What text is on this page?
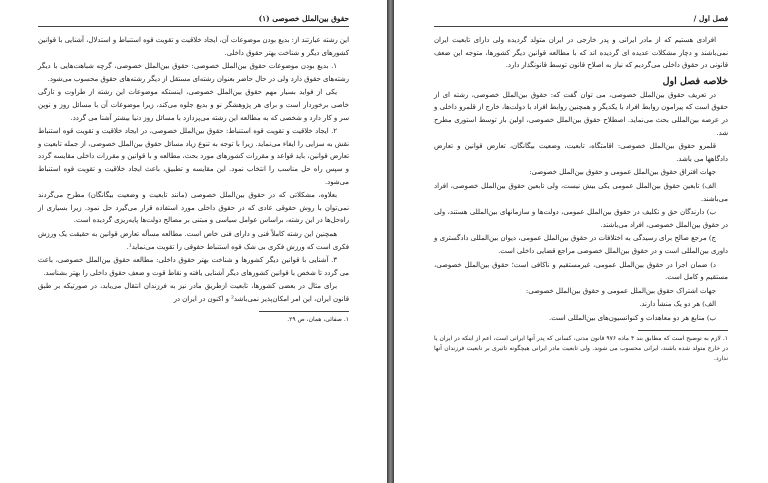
حقوق بین‌الملل خصوصی (۱)

این رشته عبارتند از: بدیع بودن موضوعات آن، ایجاد خلاقیت و تقویت قوه استنباط و استدلال، آشنایی با قوانین کشورهای دیگر و شناخت بهتر حقوق داخلی.

۱. بدیع بودن موضوعات حقوق بین‌الملل خصوصی: حقوق بین‌الملل خصوصی، گرچه شباهت‌هایی با دیگر رشته‌های حقوق دارد ولی در حال حاضر بعنوان رشته‌ای مستقل از دیگر رشته‌های حقوق محسوب می‌شود.

یکی از فواید بسیار مهم حقوق بین‌الملل خصوصی، اینستکه موضوعات این رشته از طراوت و تازگی خاصی برخوردار است و برای هر پژوهشگر نو و بدیع جلوه می‌کند، زیرا موضوعات آن با مسائل روز و نوین سر و کار دارد و شخصی که به مطالعه این رشته می‌پردازد با مسائل روز دنیا بیشتر آشنا می گردد.

۲. ایجاد خلاقیت و تقویت قوه استنباط: حقوق بین‌الملل خصوصی، در ایجاد خلاقیت و تقویت قوه استنباط نقش به سزایی را ایفاء می‌نماید. زیرا با توجه به تنوع زیاد مسائل حقوق بین‌الملل خصوصی، از جمله تابعیت و تعارض قوانین، باید قواعد و مقررات کشورهای مورد بحث، مطالعه و با قوانین و مقررات داخلی مقایسه گردد و سپس راه حل مناسب را انتخاب نمود. این مقایسه و تطبیق، باعث ایجاد خلاقیت و تقویت قوه استنباط می‌شود.

بعلاوه، مشکلاتی که در حقوق بین‌الملل خصوصی (مانند تابعیت و وضعیت بیگانگان) مطرح می‌گردند نمی‌توان با روش حقوقی عادی که در حقوق داخلی مورد استفاده قرار می‌گیرد حل نمود. زیرا بسیاری از راه‌حل‌ها در این رشته، براساس عوامل سیاسی و مبتنی بر مصالح دولت‌ها پایه‌ریزی گردیده است.

همچنین این رشته کاملاً فنی و دارای فنی خاص است. مطالعه مسأله تعارض قوانین به حقیقت یک ورزش فکری است که ورزش فکری بی شک قوه استنباط حقوقی را تقویت می‌نماید¹.

۳. آشنایی با قوانین دیگر کشورها و شناخت بهتر حقوق داخلی: مطالعه حقوق بین‌الملل خصوصی، باعث می گردد تا شخص با قوانین کشورهای دیگر آشنایی یافته و نقاط قوت و ضعف حقوق داخلی را بهتر بشناسد.

برای مثال در بعضی کشورها، تابعیت ازطریق مادر نیز به فرزندان انتقال می‌یابد، در صورتیکه بر طبق قانون ایران، این امر امکان‌پذیر نمی‌باشد² و اکنون در ایران در

۱. صفائی، همان، ص ۲۹.
فصل اول /

افرادی هستیم که از مادر ایرانی و پدر خارجی در ایران متولد گردیده ولی دارای تابعیت ایران نمی‌باشند و دچار مشکلات عدیده ای گردیده اند که با مطالعه قوانین دیگر کشورها، متوجه این ضعف قانونی در حقوق داخلی می‌گردیم که نیاز به اصلاح قانون توسط قانونگذار دارد.

خلاصه فصل اول

در تعریف حقوق بین‌الملل خصوصی، می توان گفت که: حقوق بین‌الملل خصوصی، رشته ای از حقوق است که پیرامون روابط افراد با یکدیگر و همچنین روابط افراد با دولت‌ها، خارج از قلمرو داخلی و در عرصه بین‌المللی بحث می‌نماید. اصطلاح حقوق بین‌الملل خصوصی، اولین بار توسط استوری مطرح شد.

قلمرو حقوق بین‌الملل خصوصی: اقامتگاه، تابعیت، وضعیت بیگانگان، تعارض قوانین و تعارض دادگاهها می باشد.

جهات افتراق حقوق بین‌الملل عمومی و حقوق بین‌الملل خصوصی:

الف) تابعین حقوق بین‌الملل عمومی یکی بیش نیست، ولی تابعین حقوق بین‌الملل خصوصی، افراد می‌باشند.

ب) دارندگان حق و تکلیف در حقوق بین‌الملل عمومی، دولت‌ها و سازمانهای بین‌المللی هستند، ولی در حقوق بین‌الملل خصوصی، افراد می‌باشند.

ج) مرجع صالح برای رسیدگی به اختلافات در حقوق بین‌الملل عمومی، دیوان بین‌المللی دادگستری و داوری بین‌المللی است و در حقوق بین‌الملل خصوصی مراجع قضایی داخلی است.

د) ضمان اجرا در حقوق بین‌الملل عمومی، غیرمستقیم و ناکافی است؛ حقوق بین‌الملل خصوصی، مستقیم و کامل است.

جهات اشتراک حقوق بین‌الملل عمومی و حقوق بین‌الملل خصوصی:

الف) هر دو یک منشأ دارند.

ب) منابع هر دو معاهدات و کنوانسیون‌های بین‌المللی است.

۱. لازم به توضیح است که مطابق بند ۴ ماده ۹۷۶ قانون مدنی، کسانی که پدر آنها ایرانی است، اعم از اینکه در ایران یا در خارج متولد شده باشند، ایرانی محسوب می شوند. ولی تابعیت مادر ایرانی هیچگونه تاثیری بر تابعیت فرزندان آنها ندارد.
